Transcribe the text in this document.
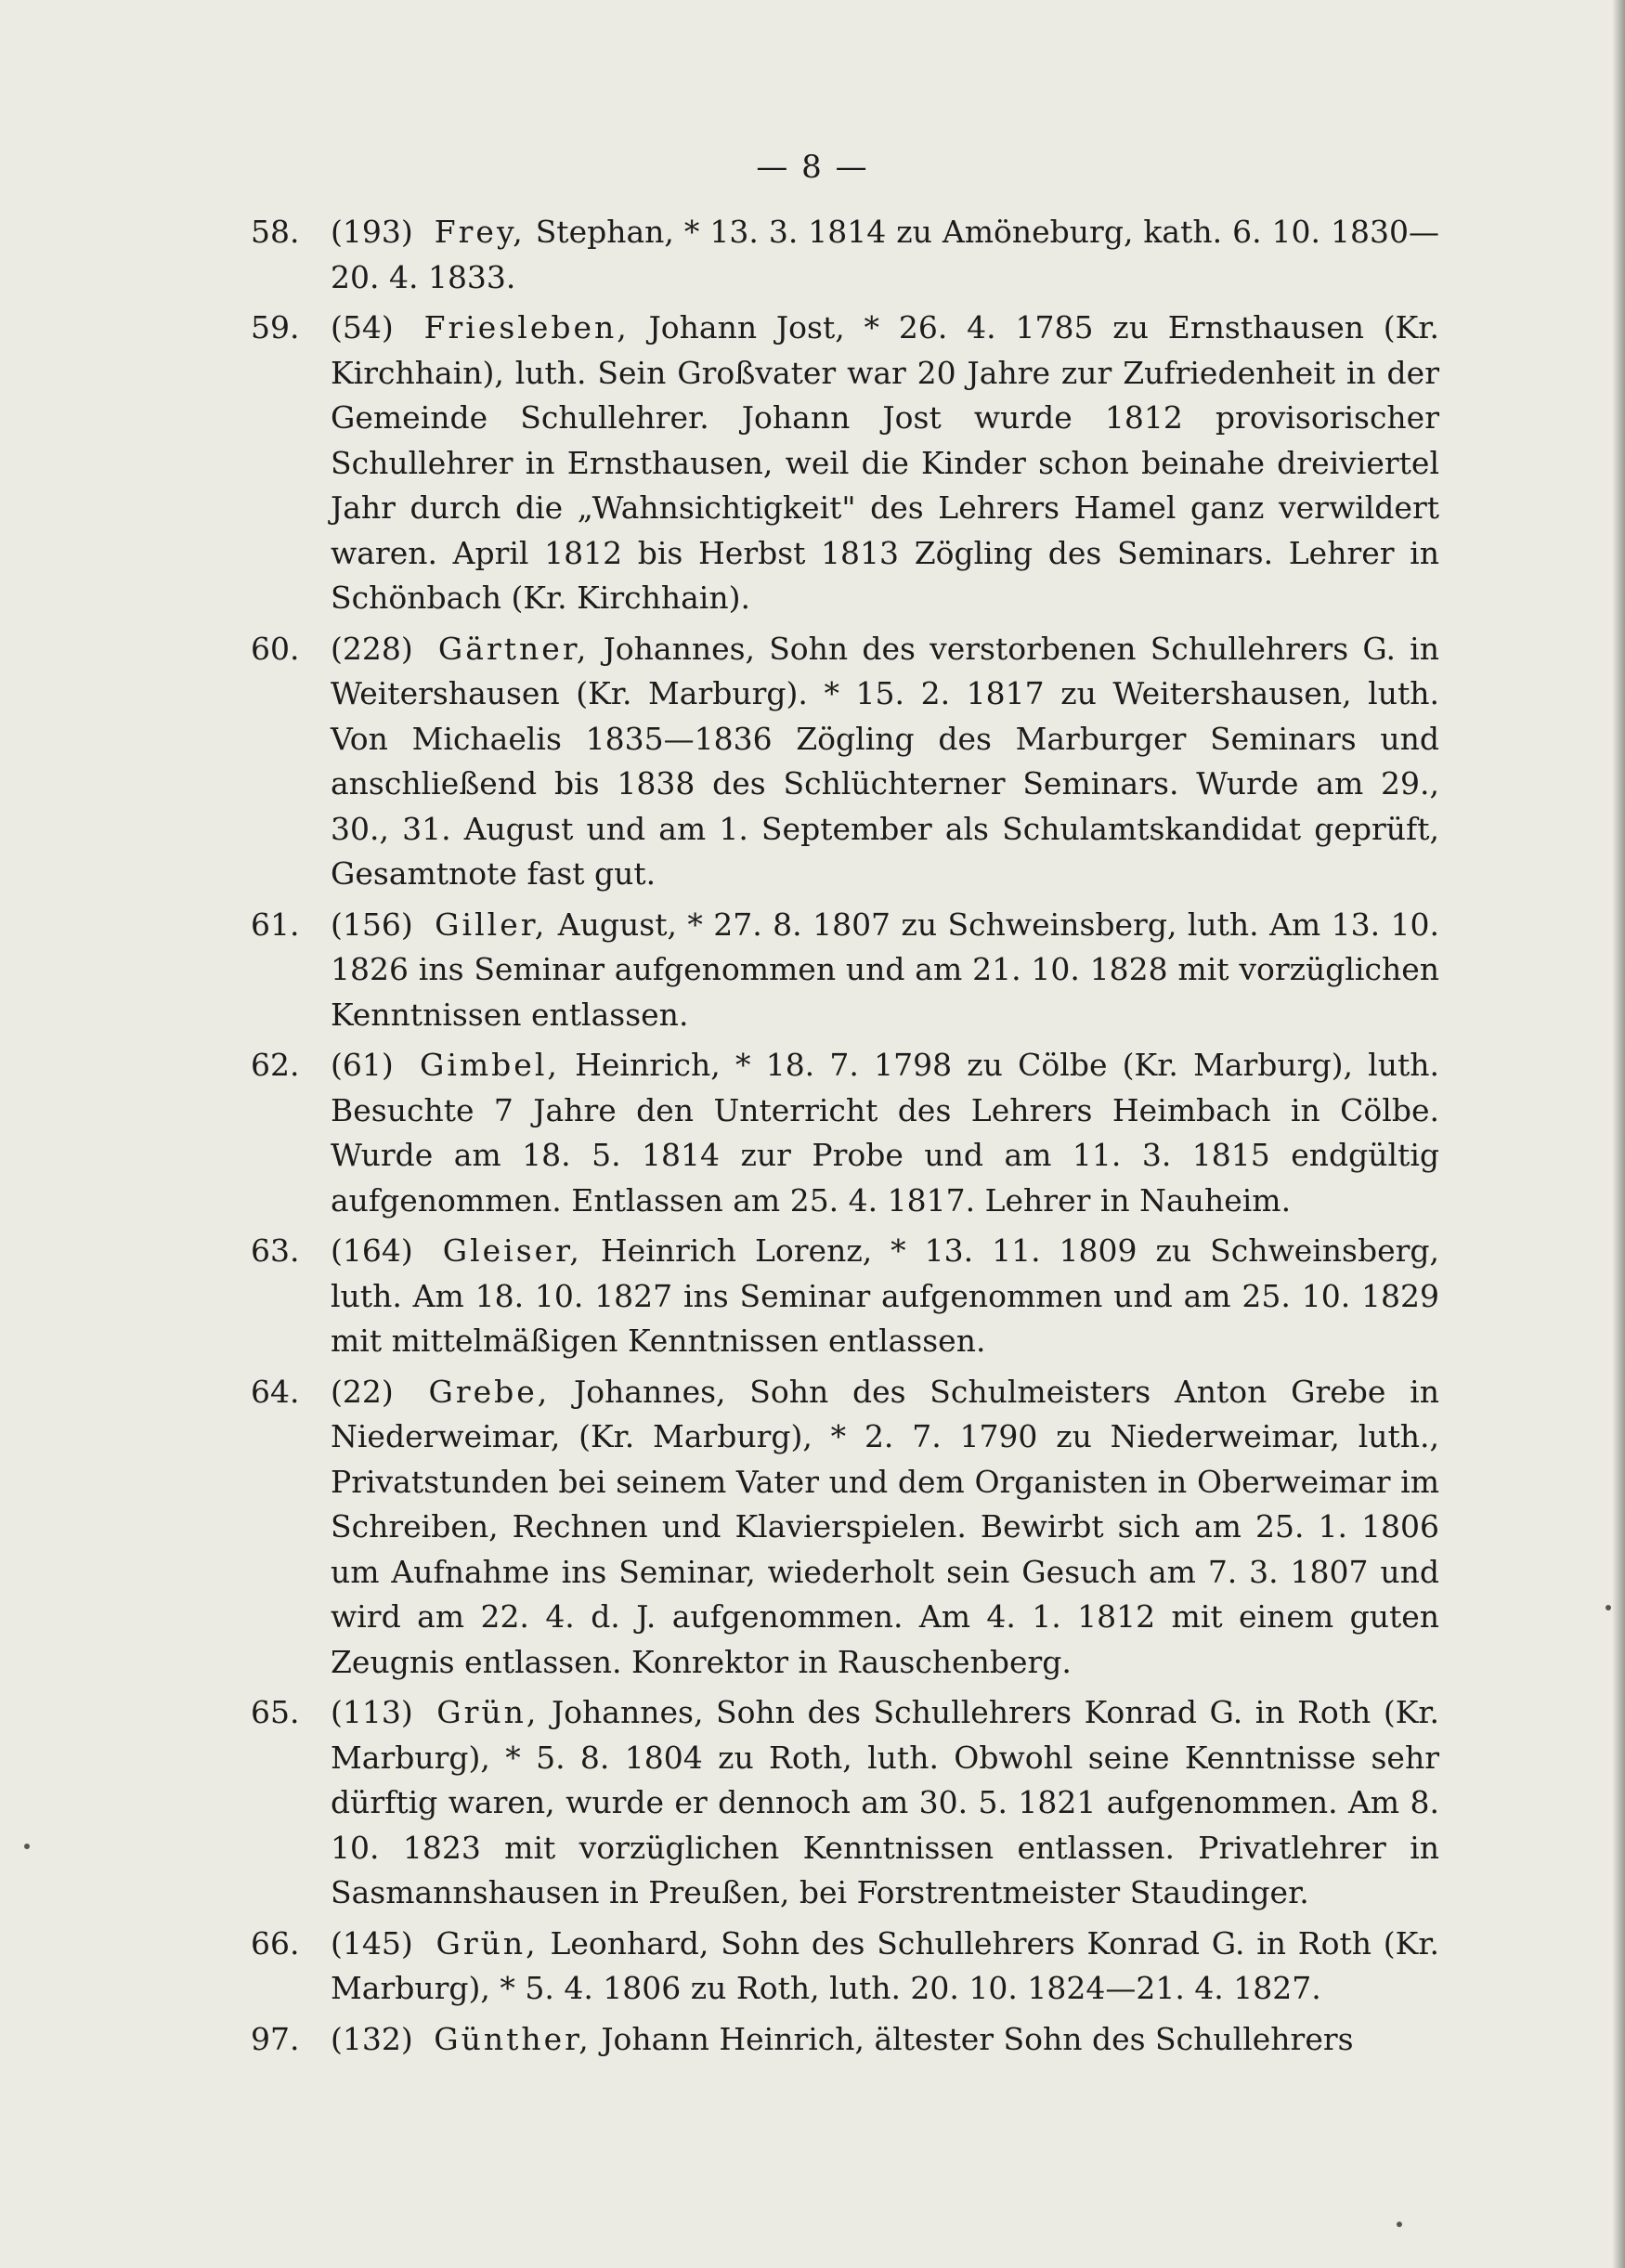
— 8 —
58. (193) Frey, Stephan, * 13. 3. 1814 zu Amöneburg, kath. 6. 10. 1830—20. 4. 1833.
59. (54) Friesleben, Johann Jost, * 26. 4. 1785 zu Ernsthausen (Kr. Kirchhain), luth. Sein Großvater war 20 Jahre zur Zufriedenheit in der Gemeinde Schullehrer. Johann Jost wurde 1812 provisorischer Schullehrer in Ernsthausen, weil die Kinder schon beinahe dreiviertel Jahr durch die „Wahnsichtigkeit" des Lehrers Hamel ganz verwildert waren. April 1812 bis Herbst 1813 Zögling des Seminars. Lehrer in Schönbach (Kr. Kirchhain).
60. (228) Gärtner, Johannes, Sohn des verstorbenen Schullehrers G. in Weitershausen (Kr. Marburg). * 15. 2. 1817 zu Weitershausen, luth. Von Michaelis 1835—1836 Zögling des Marburger Seminars und anschließend bis 1838 des Schlüchterner Seminars. Wurde am 29., 30., 31. August und am 1. September als Schulamtskandidat geprüft, Gesamtnote fast gut.
61. (156) Giller, August, * 27. 8. 1807 zu Schweinsberg, luth. Am 13. 10. 1826 ins Seminar aufgenommen und am 21. 10. 1828 mit vorzüglichen Kenntnissen entlassen.
62. (61) Gimbel, Heinrich, * 18. 7. 1798 zu Cölbe (Kr. Marburg), luth. Besuchte 7 Jahre den Unterricht des Lehrers Heimbach in Cölbe. Wurde am 18. 5. 1814 zur Probe und am 11. 3. 1815 endgültig aufgenommen. Entlassen am 25. 4. 1817. Lehrer in Nauheim.
63. (164) Gleiser, Heinrich Lorenz, * 13. 11. 1809 zu Schweinsberg, luth. Am 18. 10. 1827 ins Seminar aufgenommen und am 25. 10. 1829 mit mittelmäßigen Kenntnissen entlassen.
64. (22) Grebe, Johannes, Sohn des Schulmeisters Anton Grebe in Niederweimar, (Kr. Marburg), * 2. 7. 1790 zu Niederweimar, luth., Privatstunden bei seinem Vater und dem Organisten in Oberweimar im Schreiben, Rechnen und Klavierspielen. Bewirbt sich am 25. 1. 1806 um Aufnahme ins Seminar, wiederholt sein Gesuch am 7. 3. 1807 und wird am 22. 4. d. J. aufgenommen. Am 4. 1. 1812 mit einem guten Zeugnis entlassen. Konrektor in Rauschenberg.
65. (113) Grün, Johannes, Sohn des Schullehrers Konrad G. in Roth (Kr. Marburg), * 5. 8. 1804 zu Roth, luth. Obwohl seine Kenntnisse sehr dürftig waren, wurde er dennoch am 30. 5. 1821 aufgenommen. Am 8. 10. 1823 mit vorzüglichen Kenntnissen entlassen. Privatlehrer in Sasmannshausen in Preußen, bei Forstrentmeister Staudinger.
66. (145) Grün, Leonhard, Sohn des Schullehrers Konrad G. in Roth (Kr. Marburg), * 5. 4. 1806 zu Roth, luth. 20. 10. 1824—21. 4. 1827.
97. (132) Günther, Johann Heinrich, ältester Sohn des Schullehrers
